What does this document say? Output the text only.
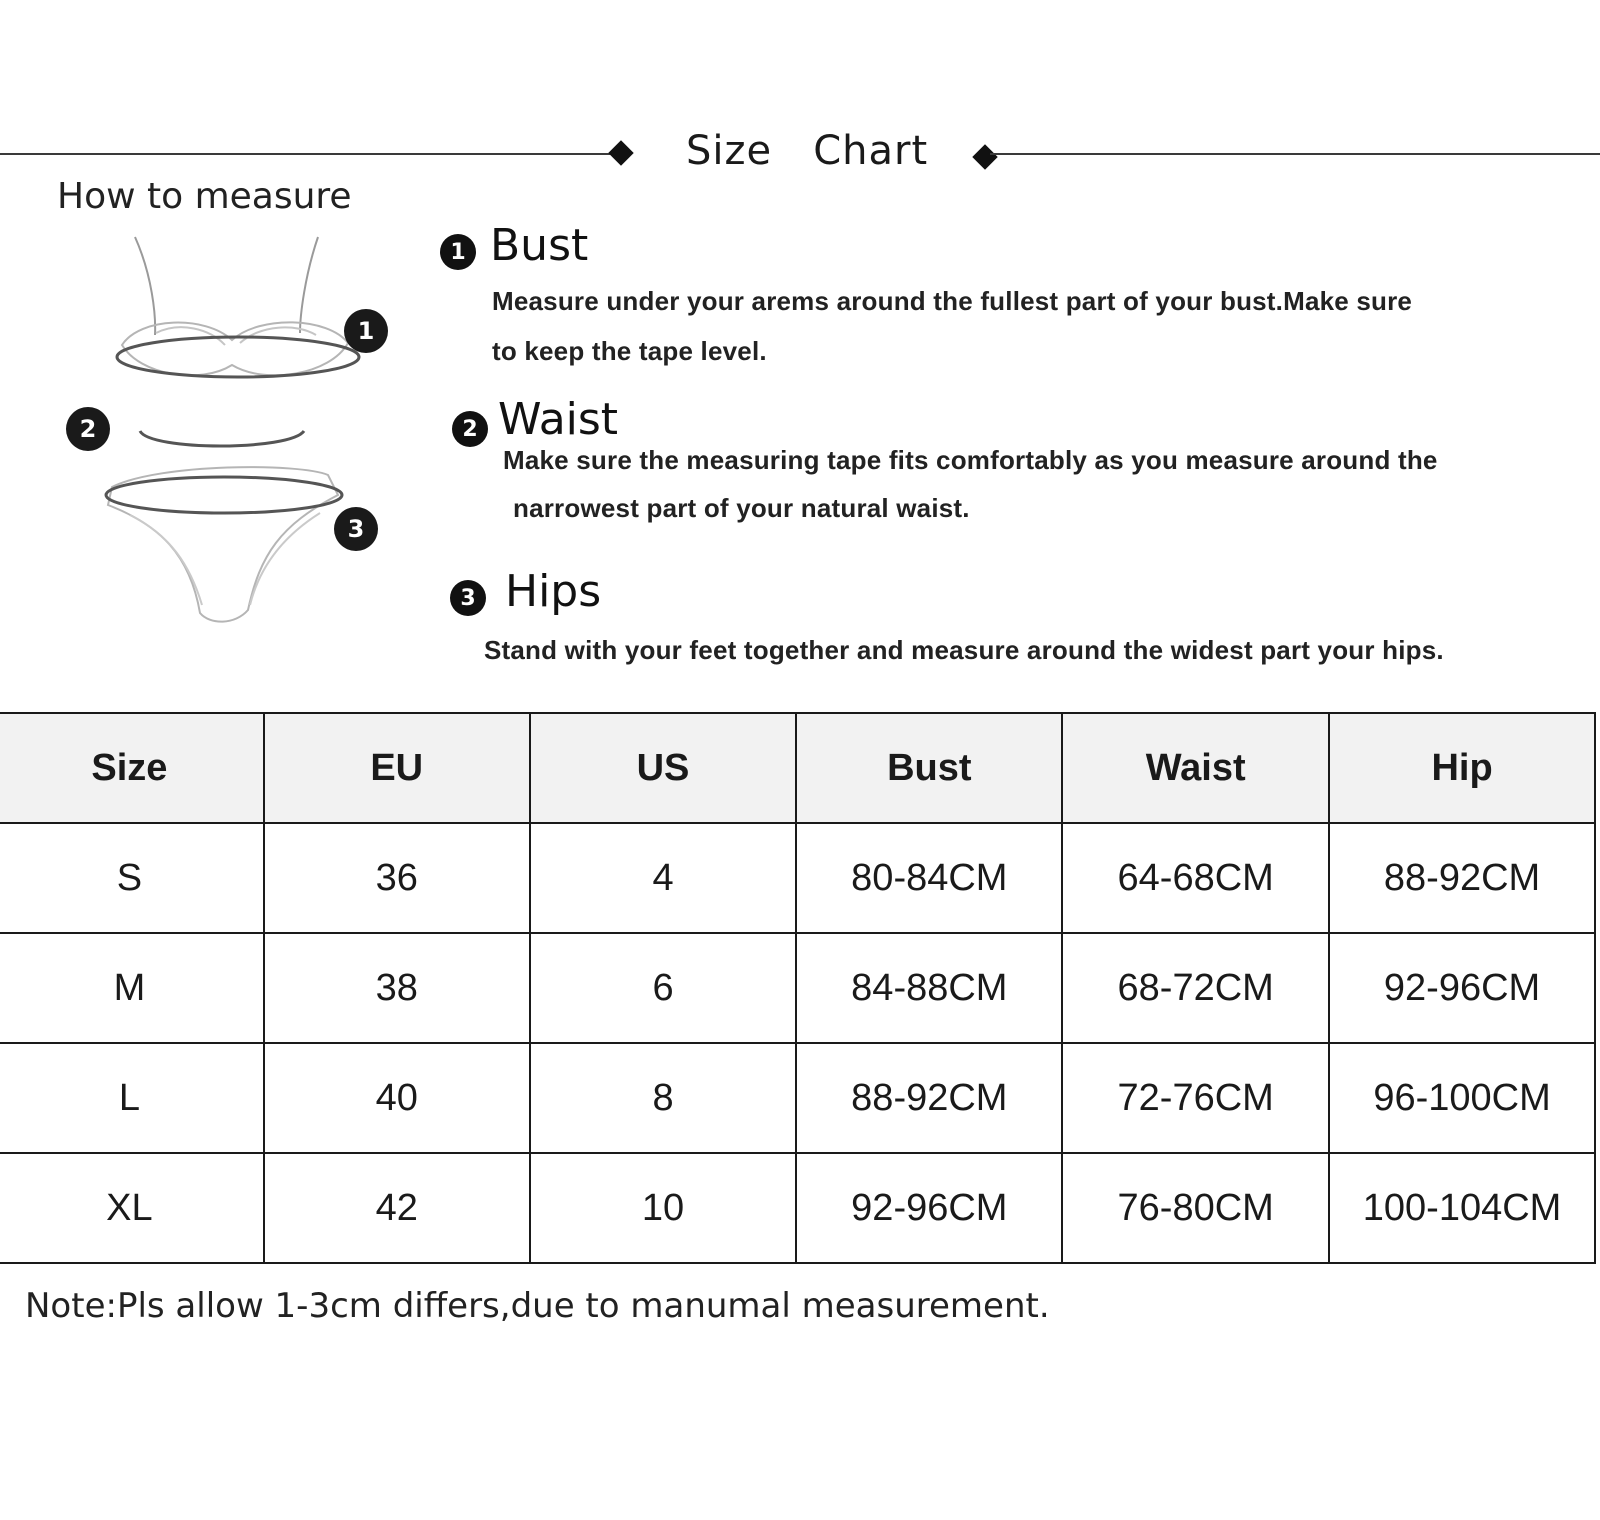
Size   Chart
How to measure
1
2
3
1 Bust
Measure under your arems around the fullest part of your bust.Make sure
to keep the tape level.
2 Waist
Make sure the measuring tape fits comfortably as you measure around the
narrowest part of your natural waist.
3 Hips
Stand with your feet together and measure around the widest part your hips.
Size	EU	US	Bust	Waist	Hip
S	36	4	80-84CM	64-68CM	88-92CM
M	38	6	84-88CM	68-72CM	92-96CM
L	40	8	88-92CM	72-76CM	96-100CM
XL	42	10	92-96CM	76-80CM	100-104CM
Note:Pls allow 1-3cm differs,due to manumal measurement.
